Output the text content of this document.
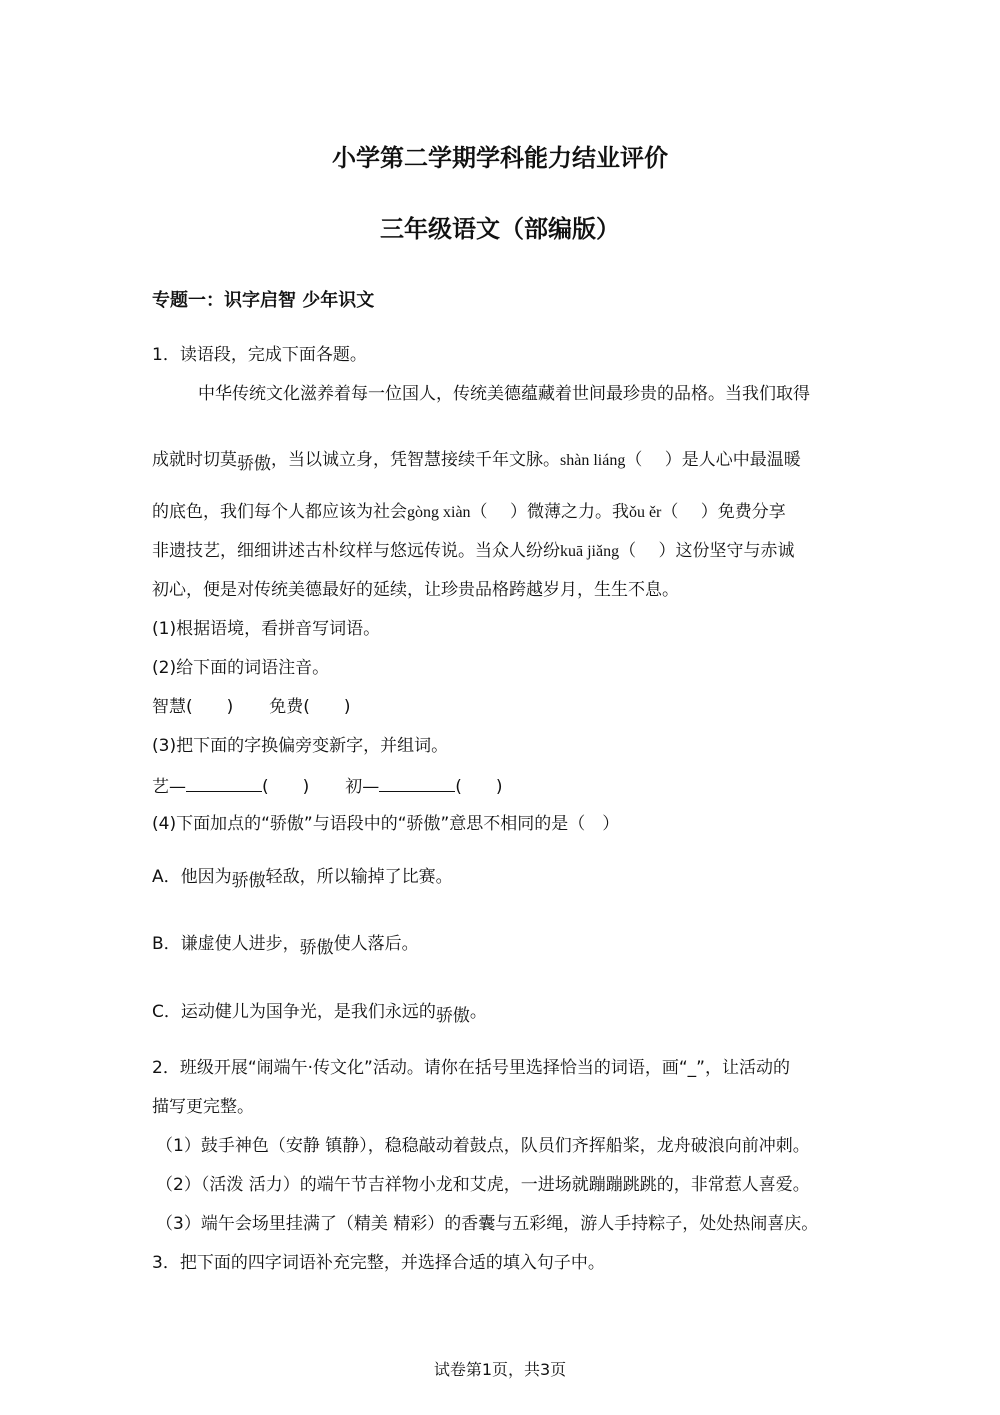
小学第二学期学科能力结业评价
三年级语文（部编版）
专题一：识字启智 少年识文
1．读语段，完成下面各题。
中华传统文化滋养着每一位国人，传统美德蕴藏着世间最珍贵的品格。当我们取得
成就时切莫骄傲，当以诚立身，凭智慧接续千年文脉。shàn liáng（　 ）是人心中最温暖
的底色，我们每个人都应该为社会gòng xiàn（　 ）微薄之力。我ǒu ěr（　 ）免费分享
非遗技艺，细细讲述古朴纹样与悠远传说。当众人纷纷kuā jiǎng（　 ）这份坚守与赤诚
初心，便是对传统美德最好的延续，让珍贵品格跨越岁月，生生不息。
(1)根据语境，看拼音写词语。
(2)给下面的词语注音。
智慧(　　) 免费(　　)
(3)把下面的字换偏旁变新字，并组词。
艺—	(　　) 初—	(　　)
(4)下面加点的“骄傲”与语段中的“骄傲”意思不相同的是（　）
A．他因为骄傲轻敌，所以输掉了比赛。
B．谦虚使人进步，骄傲使人落后。
C．运动健儿为国争光，是我们永远的骄傲。
2．班级开展“闹端午·传文化”活动。请你在括号里选择恰当的词语，画“_”，让活动的
描写更完整。
（1）鼓手神色（安静 镇静），稳稳敲动着鼓点，队员们齐挥船桨，龙舟破浪向前冲刺。
（2）（活泼 活力）的端午节吉祥物小龙和艾虎，一进场就蹦蹦跳跳的，非常惹人喜爱。
（3）端午会场里挂满了（精美 精彩）的香囊与五彩绳，游人手持粽子，处处热闹喜庆。
3．把下面的四字词语补充完整，并选择合适的填入句子中。
试卷第1页，共3页
